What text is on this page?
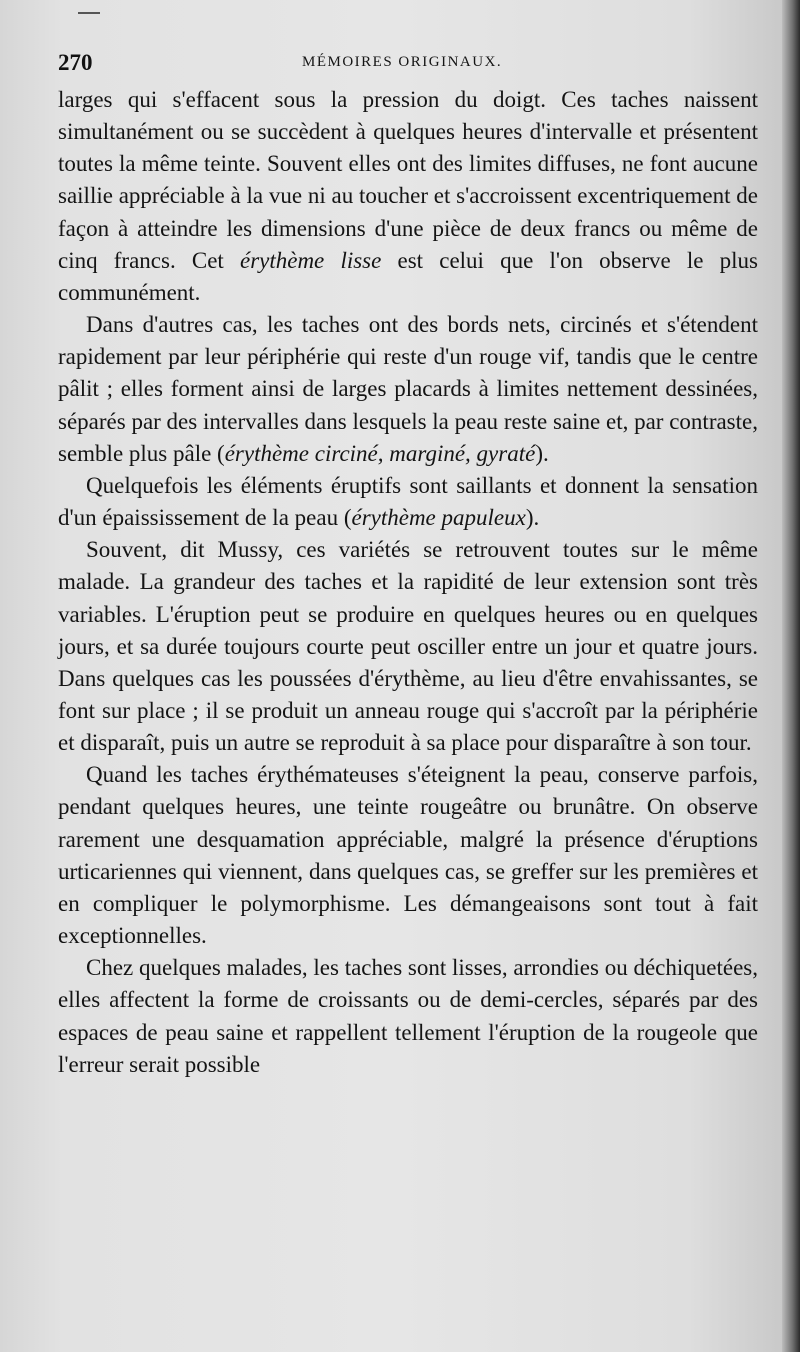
270	MÉMOIRES ORIGINAUX.

larges qui s'effacent sous la pression du doigt. Ces taches naissent simultanément ou se succèdent à quelques heures d'intervalle et présentent toutes la même teinte. Souvent elles ont des limites diffuses, ne font aucune saillie appréciable à la vue ni au toucher et s'accroissent excentriquement de façon à atteindre les dimensions d'une pièce de deux francs ou même de cinq francs. Cet érythème lisse est celui que l'on observe le plus communément.

Dans d'autres cas, les taches ont des bords nets, circinés et s'étendent rapidement par leur périphérie qui reste d'un rouge vif, tandis que le centre pâlit ; elles forment ainsi de larges placards à limites nettement dessinées, séparés par des intervalles dans lesquels la peau reste saine et, par contraste, semble plus pâle (érythème circiné, marginé, gyraté).

Quelquefois les éléments éruptifs sont saillants et donnent la sensation d'un épaississement de la peau (érythème papuleux).

Souvent, dit Mussy, ces variétés se retrouvent toutes sur le même malade. La grandeur des taches et la rapidité de leur extension sont très variables. L'éruption peut se produire en quelques heures ou en quelques jours, et sa durée toujours courte peut osciller entre un jour et quatre jours. Dans quelques cas les poussées d'érythème, au lieu d'être envahissantes, se font sur place ; il se produit un anneau rouge qui s'accroît par la périphérie et disparaît, puis un autre se reproduit à sa place pour disparaître à son tour.

Quand les taches érythémateuses s'éteignent la peau, conserve parfois, pendant quelques heures, une teinte rougeâtre ou brunâtre. On observe rarement une desquamation appréciable, malgré la présence d'éruptions urticariennes qui viennent, dans quelques cas, se greffer sur les premières et en compliquer le polymorphisme. Les démangeaisons sont tout à fait exceptionnelles.

Chez quelques malades, les taches sont lisses, arrondies ou déchiquetées, elles affectent la forme de croissants ou de demi-cercles, séparés par des espaces de peau saine et rappellent tellement l'éruption de la rougeole que l'erreur serait possible
